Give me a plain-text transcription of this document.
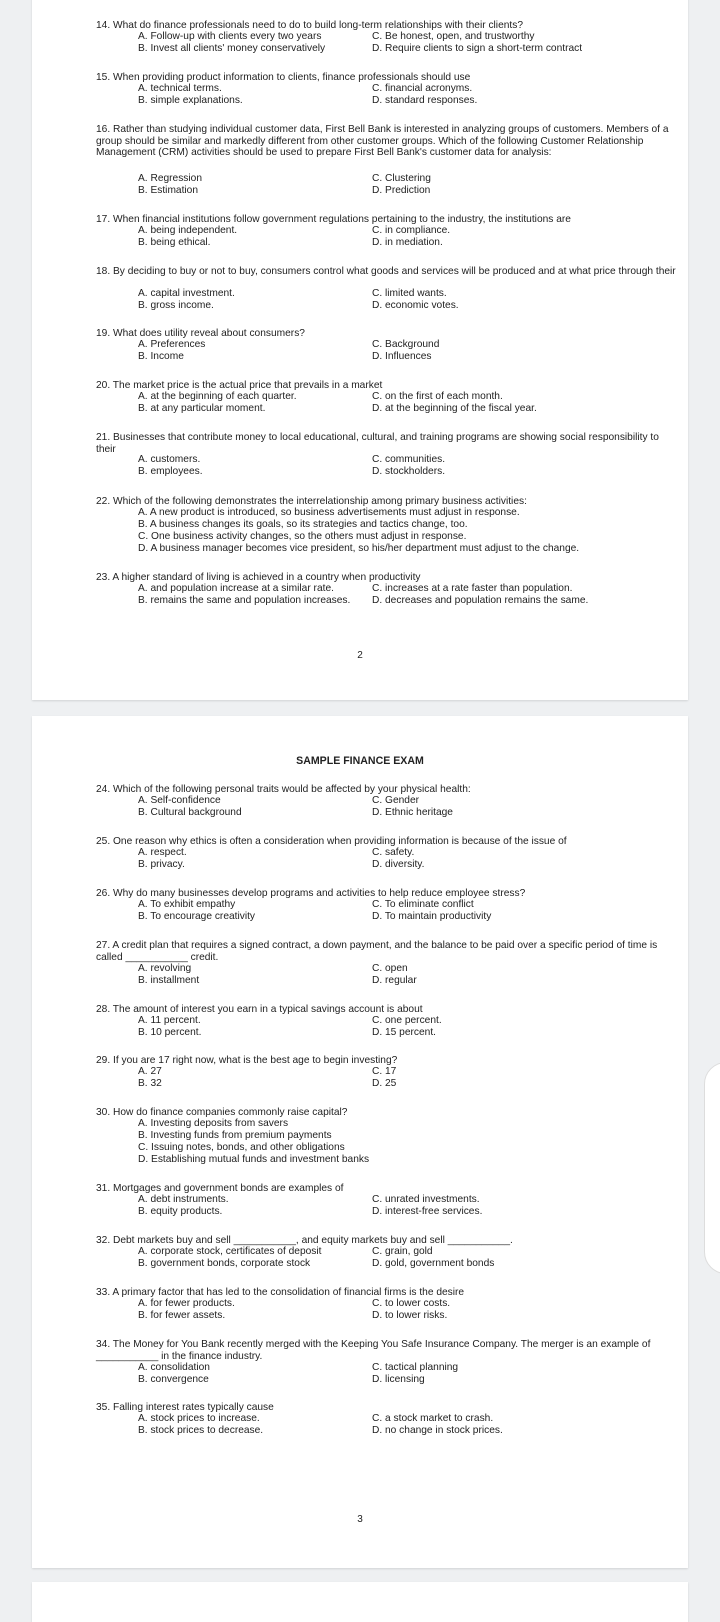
14. What do finance professionals need to do to build long-term relationships with their clients?
A. Follow-up with clients every two years	C. Be honest, open, and trustworthy
B. Invest all clients' money conservatively	D. Require clients to sign a short-term contract
15. When providing product information to clients, finance professionals should use
A. technical terms.	C. financial acronyms.
B. simple explanations.	D. standard responses.
16. Rather than studying individual customer data, First Bell Bank is interested in analyzing groups of customers. Members of a group should be similar and markedly different from other customer groups. Which of the following Customer Relationship Management (CRM) activities should be used to prepare First Bell Bank's customer data for analysis:
A. Regression	C. Clustering
B. Estimation	D. Prediction
17. When financial institutions follow government regulations pertaining to the industry, the institutions are
A. being independent.	C. in compliance.
B. being ethical.	D. in mediation.
18. By deciding to buy or not to buy, consumers control what goods and services will be produced and at what price through their
A. capital investment.	C. limited wants.
B. gross income.	D. economic votes.
19. What does utility reveal about consumers?
A. Preferences	C. Background
B. Income	D. Influences
20. The market price is the actual price that prevails in a market
A. at the beginning of each quarter.	C. on the first of each month.
B. at any particular moment.	D. at the beginning of the fiscal year.
21. Businesses that contribute money to local educational, cultural, and training programs are showing social responsibility to their
A. customers.	C. communities.
B. employees.	D. stockholders.
22. Which of the following demonstrates the interrelationship among primary business activities:
A. A new product is introduced, so business advertisements must adjust in response.
B. A business changes its goals, so its strategies and tactics change, too.
C. One business activity changes, so the others must adjust in response.
D. A business manager becomes vice president, so his/her department must adjust to the change.
23. A higher standard of living is achieved in a country when productivity
A. and population increase at a similar rate.	C. increases at a rate faster than population.
B. remains the same and population increases. D. decreases and population remains the same.
2
SAMPLE FINANCE EXAM
24. Which of the following personal traits would be affected by your physical health:
A. Self-confidence	C. Gender
B. Cultural background	D. Ethnic heritage
25. One reason why ethics is often a consideration when providing information is because of the issue of
A. respect.	C. safety.
B. privacy.	D. diversity.
26. Why do many businesses develop programs and activities to help reduce employee stress?
A. To exhibit empathy	C. To eliminate conflict
B. To encourage creativity	D. To maintain productivity
27. A credit plan that requires a signed contract, a down payment, and the balance to be paid over a specific period of time is called ___________ credit.
A. revolving	C. open
B. installment	D. regular
28. The amount of interest you earn in a typical savings account is about
A. 11 percent.	C. one percent.
B. 10 percent.	D. 15 percent.
29. If you are 17 right now, what is the best age to begin investing?
A. 27	C. 17
B. 32	D. 25
30. How do finance companies commonly raise capital?
A. Investing deposits from savers
B. Investing funds from premium payments
C. Issuing notes, bonds, and other obligations
D. Establishing mutual funds and investment banks
31. Mortgages and government bonds are examples of
A. debt instruments.	C. unrated investments.
B. equity products.	D. interest-free services.
32. Debt markets buy and sell ___________, and equity markets buy and sell ___________.
A. corporate stock, certificates of deposit	C. grain, gold
B. government bonds, corporate stock	D. gold, government bonds
33. A primary factor that has led to the consolidation of financial firms is the desire
A. for fewer products.	C. to lower costs.
B. for fewer assets.	D. to lower risks.
34. The Money for You Bank recently merged with the Keeping You Safe Insurance Company. The merger is an example of ___________ in the finance industry.
A. consolidation	C. tactical planning
B. convergence	D. licensing
35. Falling interest rates typically cause
A. stock prices to increase.	C. a stock market to crash.
B. stock prices to decrease.	D. no change in stock prices.
3
